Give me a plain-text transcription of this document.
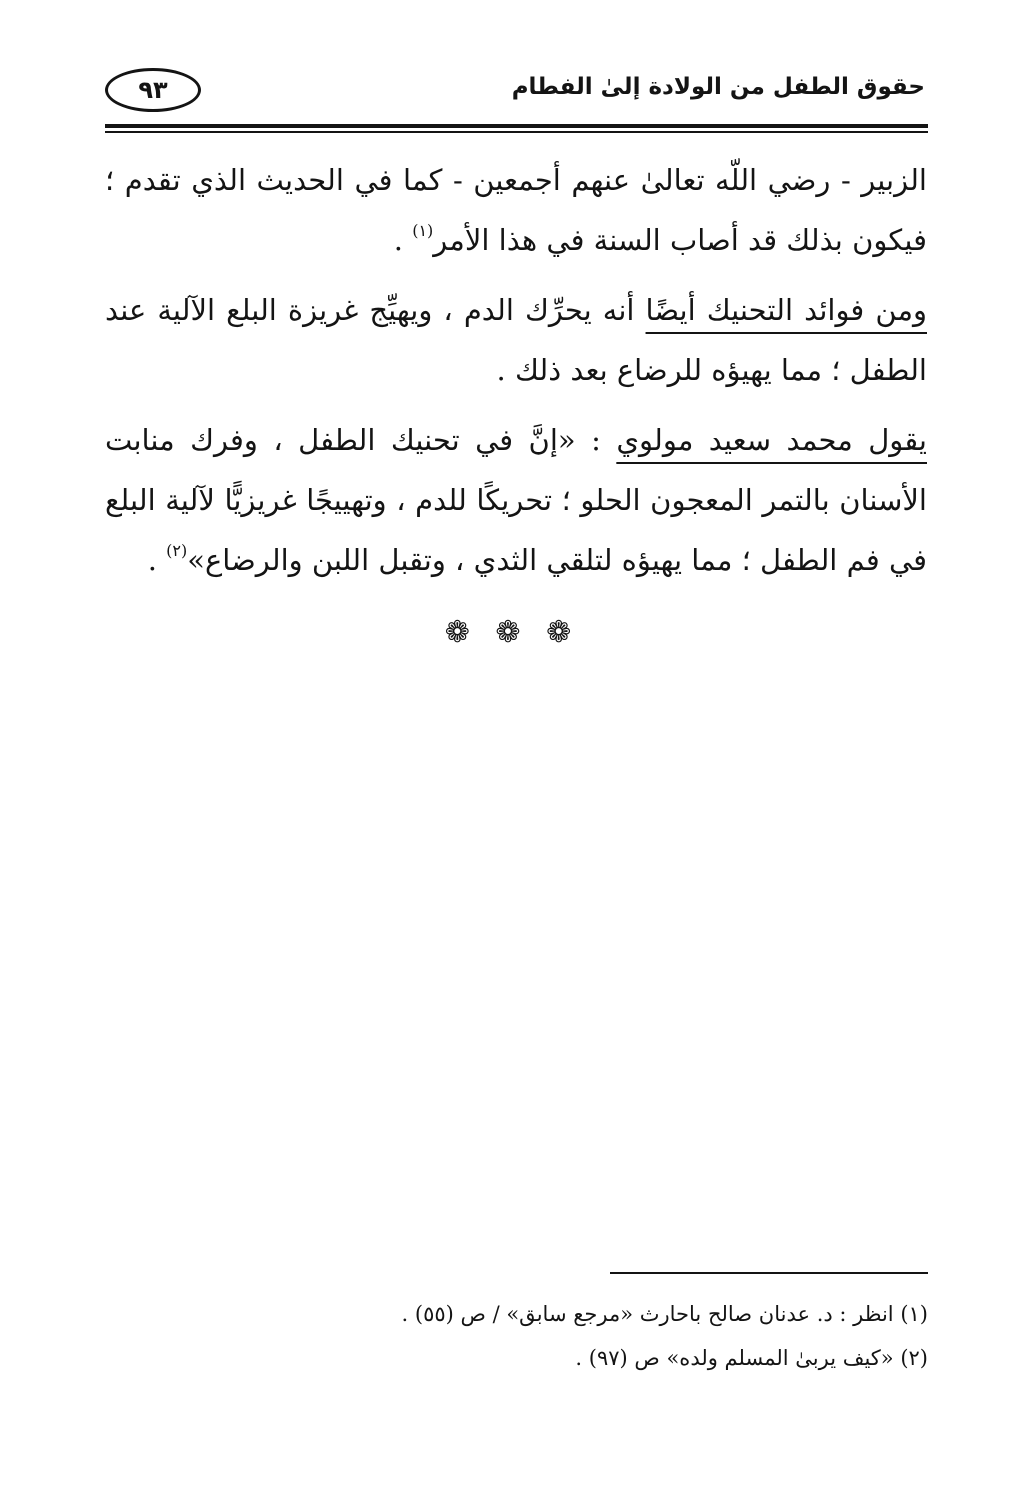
حقوق الطفل من الولادة إلىٰ الفطام
٩٣

الزبير - رضي اللّه تعالىٰ عنهم أجمعين - كما في الحديث الذي تقدم ؛ فيكون بذلك قد أصاب السنة في هذا الأمر$^{(١)}$ .

ومن فوائد التحنيك أيضًا أنه يحرِّك الدم ، ويهيِّج غريزة البلع الآلية عند الطفل ؛ مما يهيؤه للرضاع بعد ذلك .

يقول محمد سعيد مولوي : «إنَّ في تحنيك الطفل ، وفرك منابت الأسنان بالتمر المعجون الحلو ؛ تحريكًا للدم ، وتهييجًا غريزيًّا لآلية البلع في فم الطفل ؛ مما يهيؤه لتلقي الثدي ، وتقبل اللبن والرضاع»$^{(٢)}$ .

❁ ❁ ❁
(١) انظر : د. عدنان صالح باحارث «مرجع سابق» / ص (٥٥) .
(٢) «كيف يربىٰ المسلم ولده» ص (٩٧) .
